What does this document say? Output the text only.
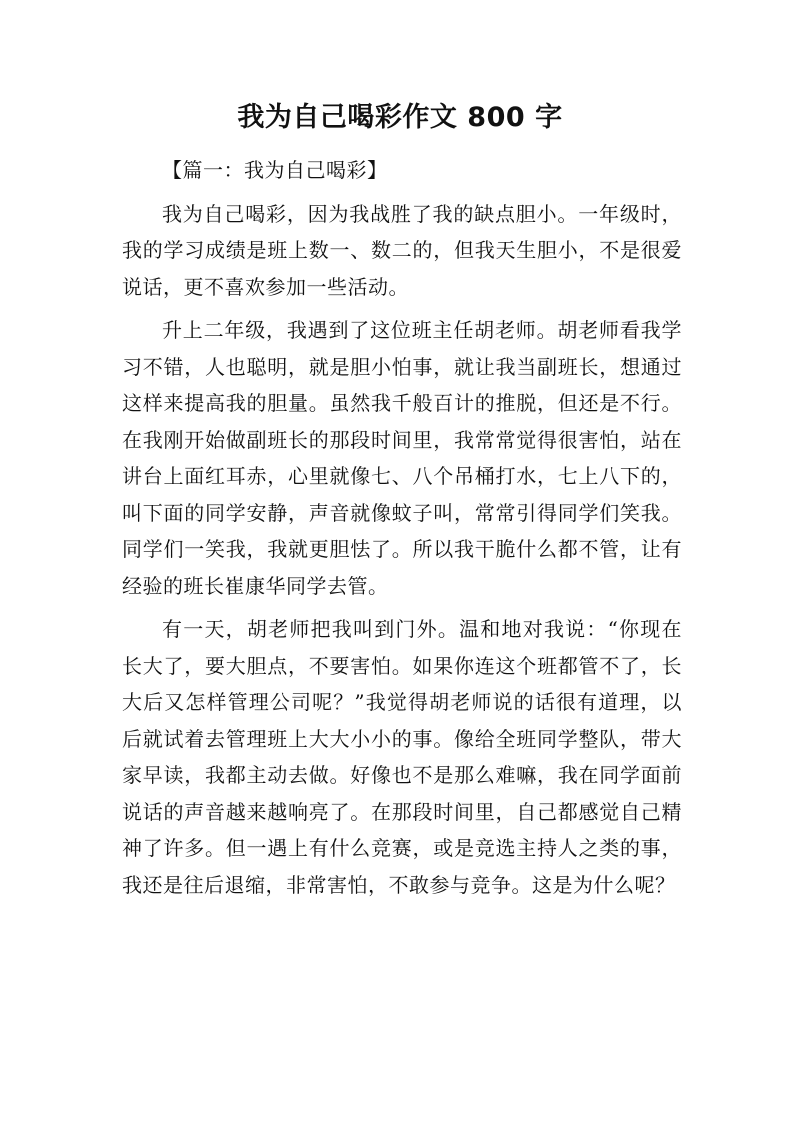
我为自己喝彩作文 800 字

【篇一：我为自己喝彩】

我为自己喝彩，因为我战胜了我的缺点胆小。一年级时，我的学习成绩是班上数一、数二的，但我天生胆小，不是很爱说话，更不喜欢参加一些活动。

升上二年级，我遇到了这位班主任胡老师。胡老师看我学习不错，人也聪明，就是胆小怕事，就让我当副班长，想通过这样来提高我的胆量。虽然我千般百计的推脱，但还是不行。在我刚开始做副班长的那段时间里，我常常觉得很害怕，站在讲台上面红耳赤，心里就像七、八个吊桶打水，七上八下的，叫下面的同学安静，声音就像蚊子叫，常常引得同学们笑我。同学们一笑我，我就更胆怯了。所以我干脆什么都不管，让有经验的班长崔康华同学去管。

有一天，胡老师把我叫到门外。温和地对我说：“你现在长大了，要大胆点，不要害怕。如果你连这个班都管不了，长大后又怎样管理公司呢？”我觉得胡老师说的话很有道理，以后就试着去管理班上大大小小的事。像给全班同学整队，带大家早读，我都主动去做。好像也不是那么难嘛，我在同学面前说话的声音越来越响亮了。在那段时间里，自己都感觉自己精神了许多。但一遇上有什么竞赛，或是竞选主持人之类的事，我还是往后退缩，非常害怕，不敢参与竞争。这是为什么呢？
